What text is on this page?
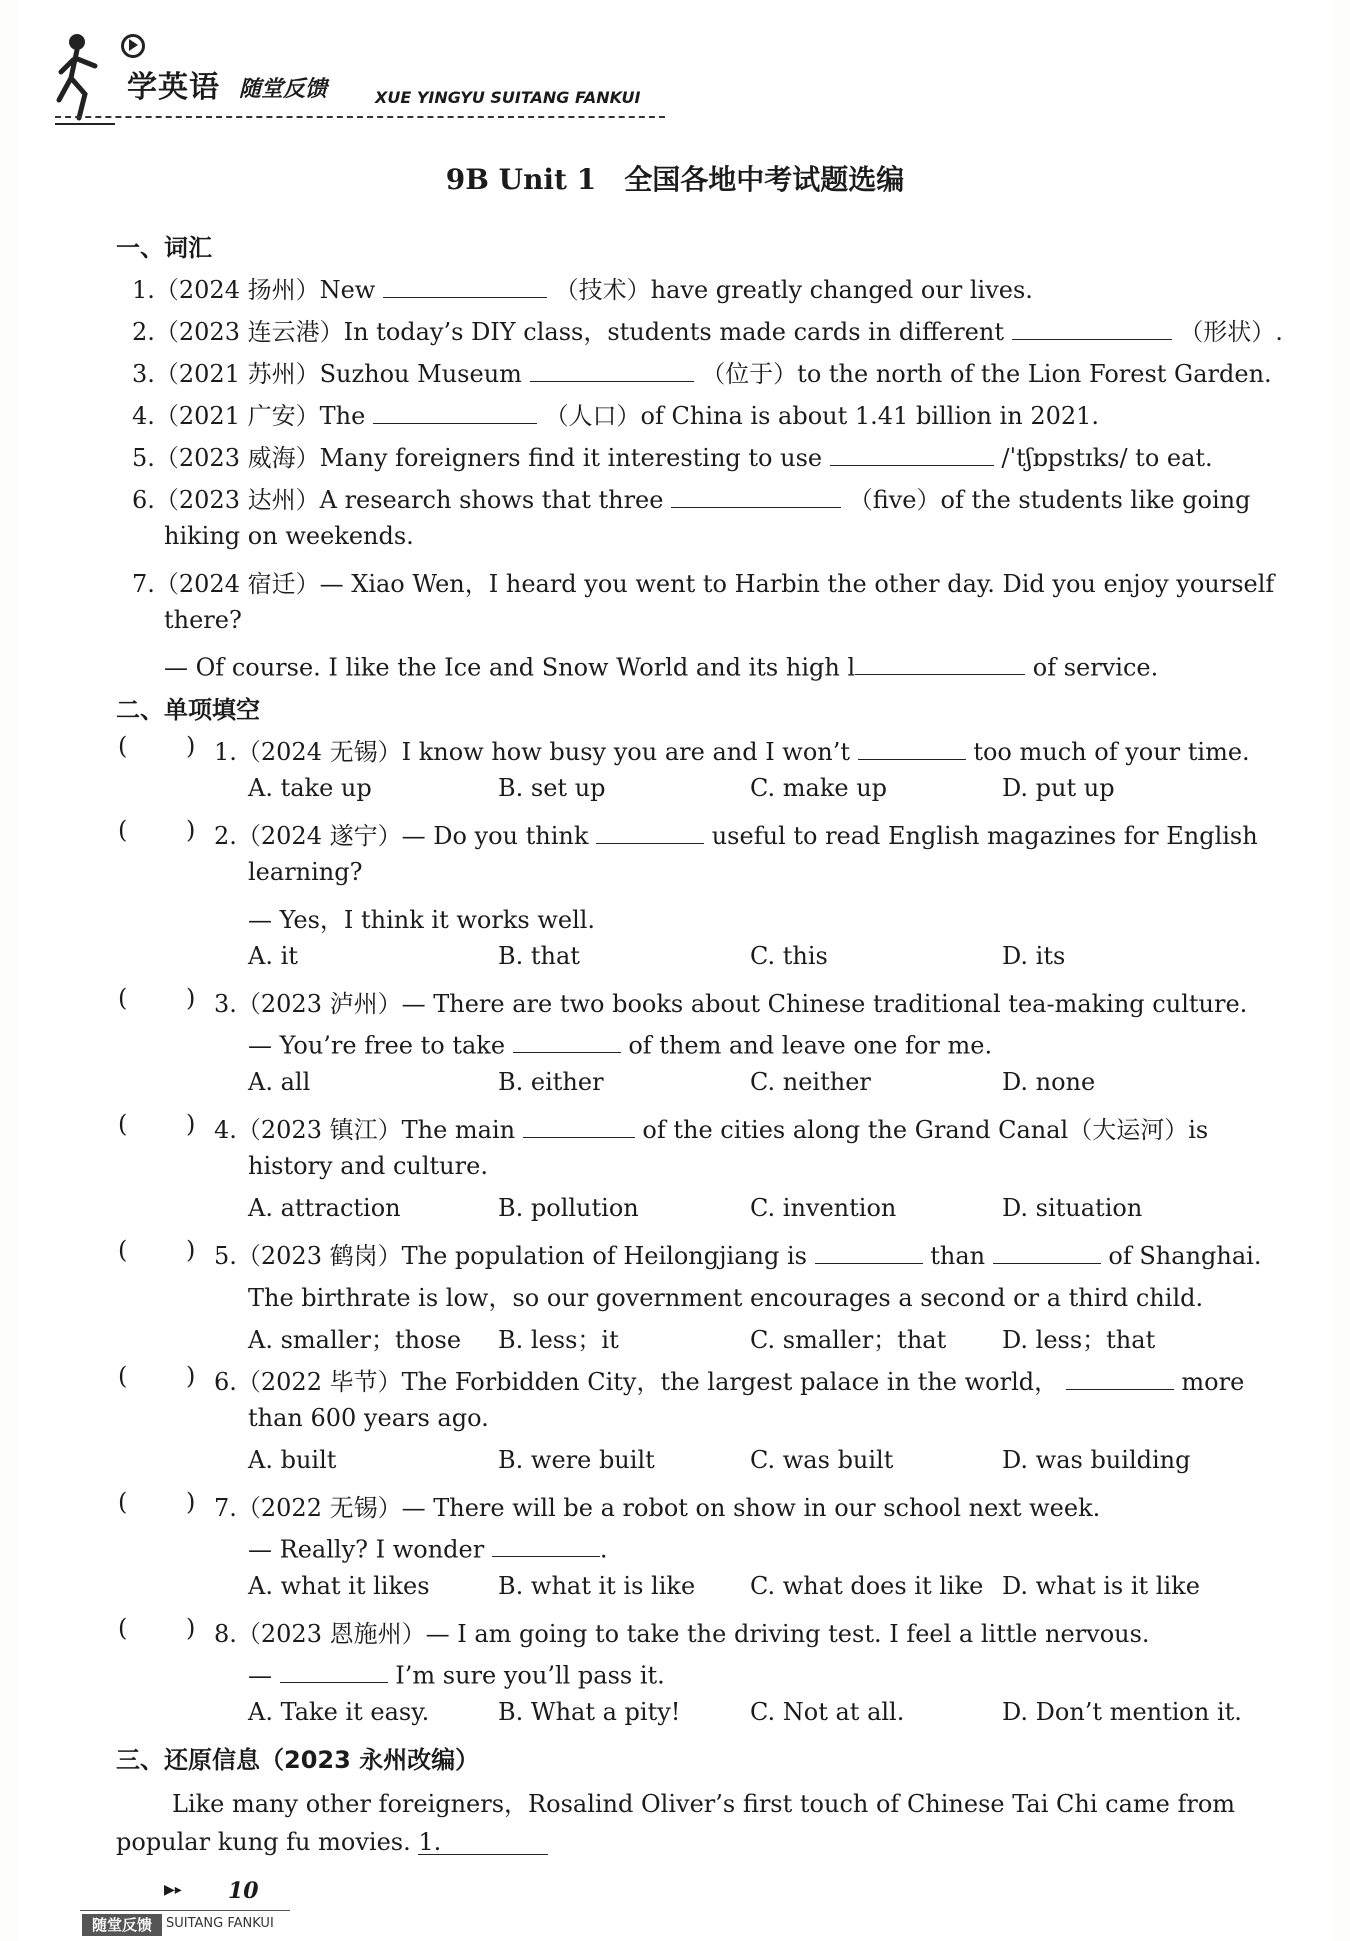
学英语 随堂反馈	XUE YINGYU SUITANG FANKUI
9B Unit 1　全国各地中考试题选编
一、词汇
1.（2024 扬州）New	（技术）have greatly changed our lives.
2.（2023 连云港）In today’s DIY class，students made cards in different	（形状）.
3.（2021 苏州）Suzhou Museum	（位于）to the north of the Lion Forest Garden.
4.（2021 广安）The	（人口）of China is about 1.41 billion in 2021.
5.（2023 威海）Many foreigners find it interesting to use	/ˈtʃɒpstɪks/ to eat.
6.（2023 达州）A research shows that three	（five）of the students like going
hiking on weekends.
7.（2024 宿迁）— Xiao Wen，I heard you went to Harbin the other day. Did you enjoy yourself
there?
— Of course. I like the Ice and Snow World and its high l	of service.
二、单项填空
( ) 1.（2024 无锡）I know how busy you are and I won’t	too much of your time.
A. take up	B. set up	C. make up	D. put up
( ) 2.（2024 遂宁）— Do you think	useful to read English magazines for English
learning?
— Yes，I think it works well.
A. it	B. that	C. this	D. its
( ) 3.（2023 泸州）— There are two books about Chinese traditional tea-making culture.
— You’re free to take	of them and leave one for me.
A. all	B. either	C. neither	D. none
( ) 4.（2023 镇江）The main	of the cities along the Grand Canal（大运河）is
history and culture.
A. attraction	B. pollution	C. invention	D. situation
( ) 5.（2023 鹤岗）The population of Heilongjiang is	than	of Shanghai.
The birthrate is low，so our government encourages a second or a third child.
A. smaller；those B. less；it	C. smaller；that D. less；that
( ) 6.（2022 毕节）The Forbidden City，the largest palace in the world，	more
than 600 years ago.
A. built	B. were built	C. was built	D. was building
( ) 7.（2022 无锡）— There will be a robot on show in our school next week.
— Really? I wonder	.
A. what it likes	B. what it is like C. what does it like D. what is it like
( ) 8.（2023 恩施州）— I am going to take the driving test. I feel a little nervous.
—	I’m sure you’ll pass it.
A. Take it easy.	B. What a pity!	C. Not at all.	D. Don’t mention it.
三、还原信息（2023 永州改编）
Like many other foreigners，Rosalind Oliver’s first touch of Chinese Tai Chi came from
popular kung fu movies. 1.
▶▸ 10
随堂反馈	SUITANG FANKUI
